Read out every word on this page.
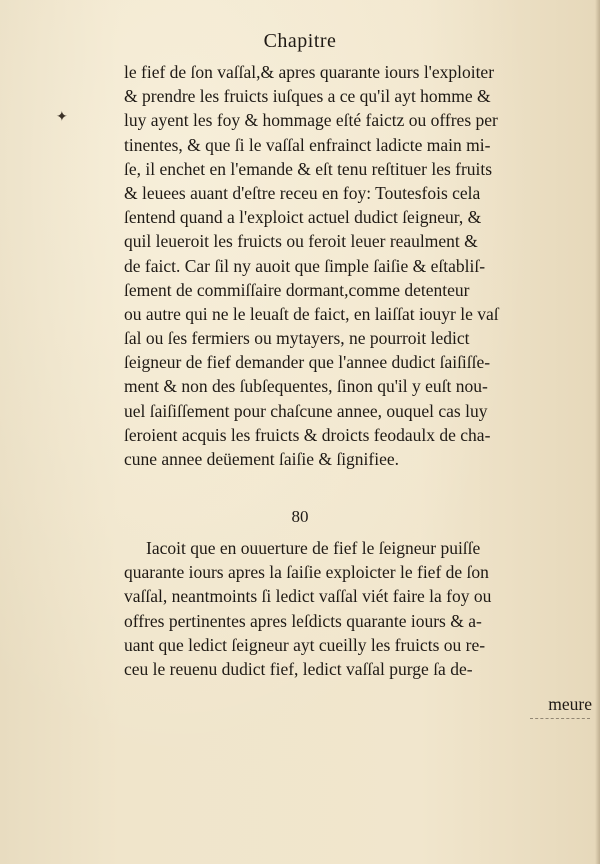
✦
Chapitre
le fief de ſon vaſſal,& apres quarante iours l'exploiter
& prendre les fruicts iuſques a ce qu'il ayt homme &
luy ayent les foy & hommage eſté faictz ou offres per
tinentes, & que ſi le vaſſal enfrainct ladicte main mi-
ſe, il enchet en l'emande & eſt tenu reſtituer les fruits
& leuees auant d'eſtre receu en foy: Toutesfois cela
ſentend quand a l'exploict actuel dudict ſeigneur, &
quil leueroit les fruicts ou feroit leuer reaulment &
de faict. Car ſil ny auoit que ſimple ſaiſie & eſtabliſ-
ſement de commiſſaire dormant,comme detenteur
ou autre qui ne le leuaſt de faict, en laiſſat iouyr le vaſ
ſal ou ſes fermiers ou mytayers, ne pourroit ledict
ſeigneur de fief demander que l'annee dudict ſaiſiſſe-
ment & non des ſubſequentes, ſinon qu'il y euſt nou-
uel ſaiſiſſement pour chaſcune annee, ouquel cas luy
ſeroient acquis les fruicts & droicts feodaulx de cha-
cune annee deüement ſaiſie & ſignifiee.
80
Iacoit que en ouuerture de fief le ſeigneur puiſſe
quarante iours apres la ſaiſie exploicter le fief de ſon
vaſſal, neantmoints ſi ledict vaſſal viét faire la foy ou
offres pertinentes apres leſdicts quarante iours & a-
uant que ledict ſeigneur ayt cueilly les fruicts ou re-
ceu le reuenu dudict fief, ledict vaſſal purge ſa de-
meure
